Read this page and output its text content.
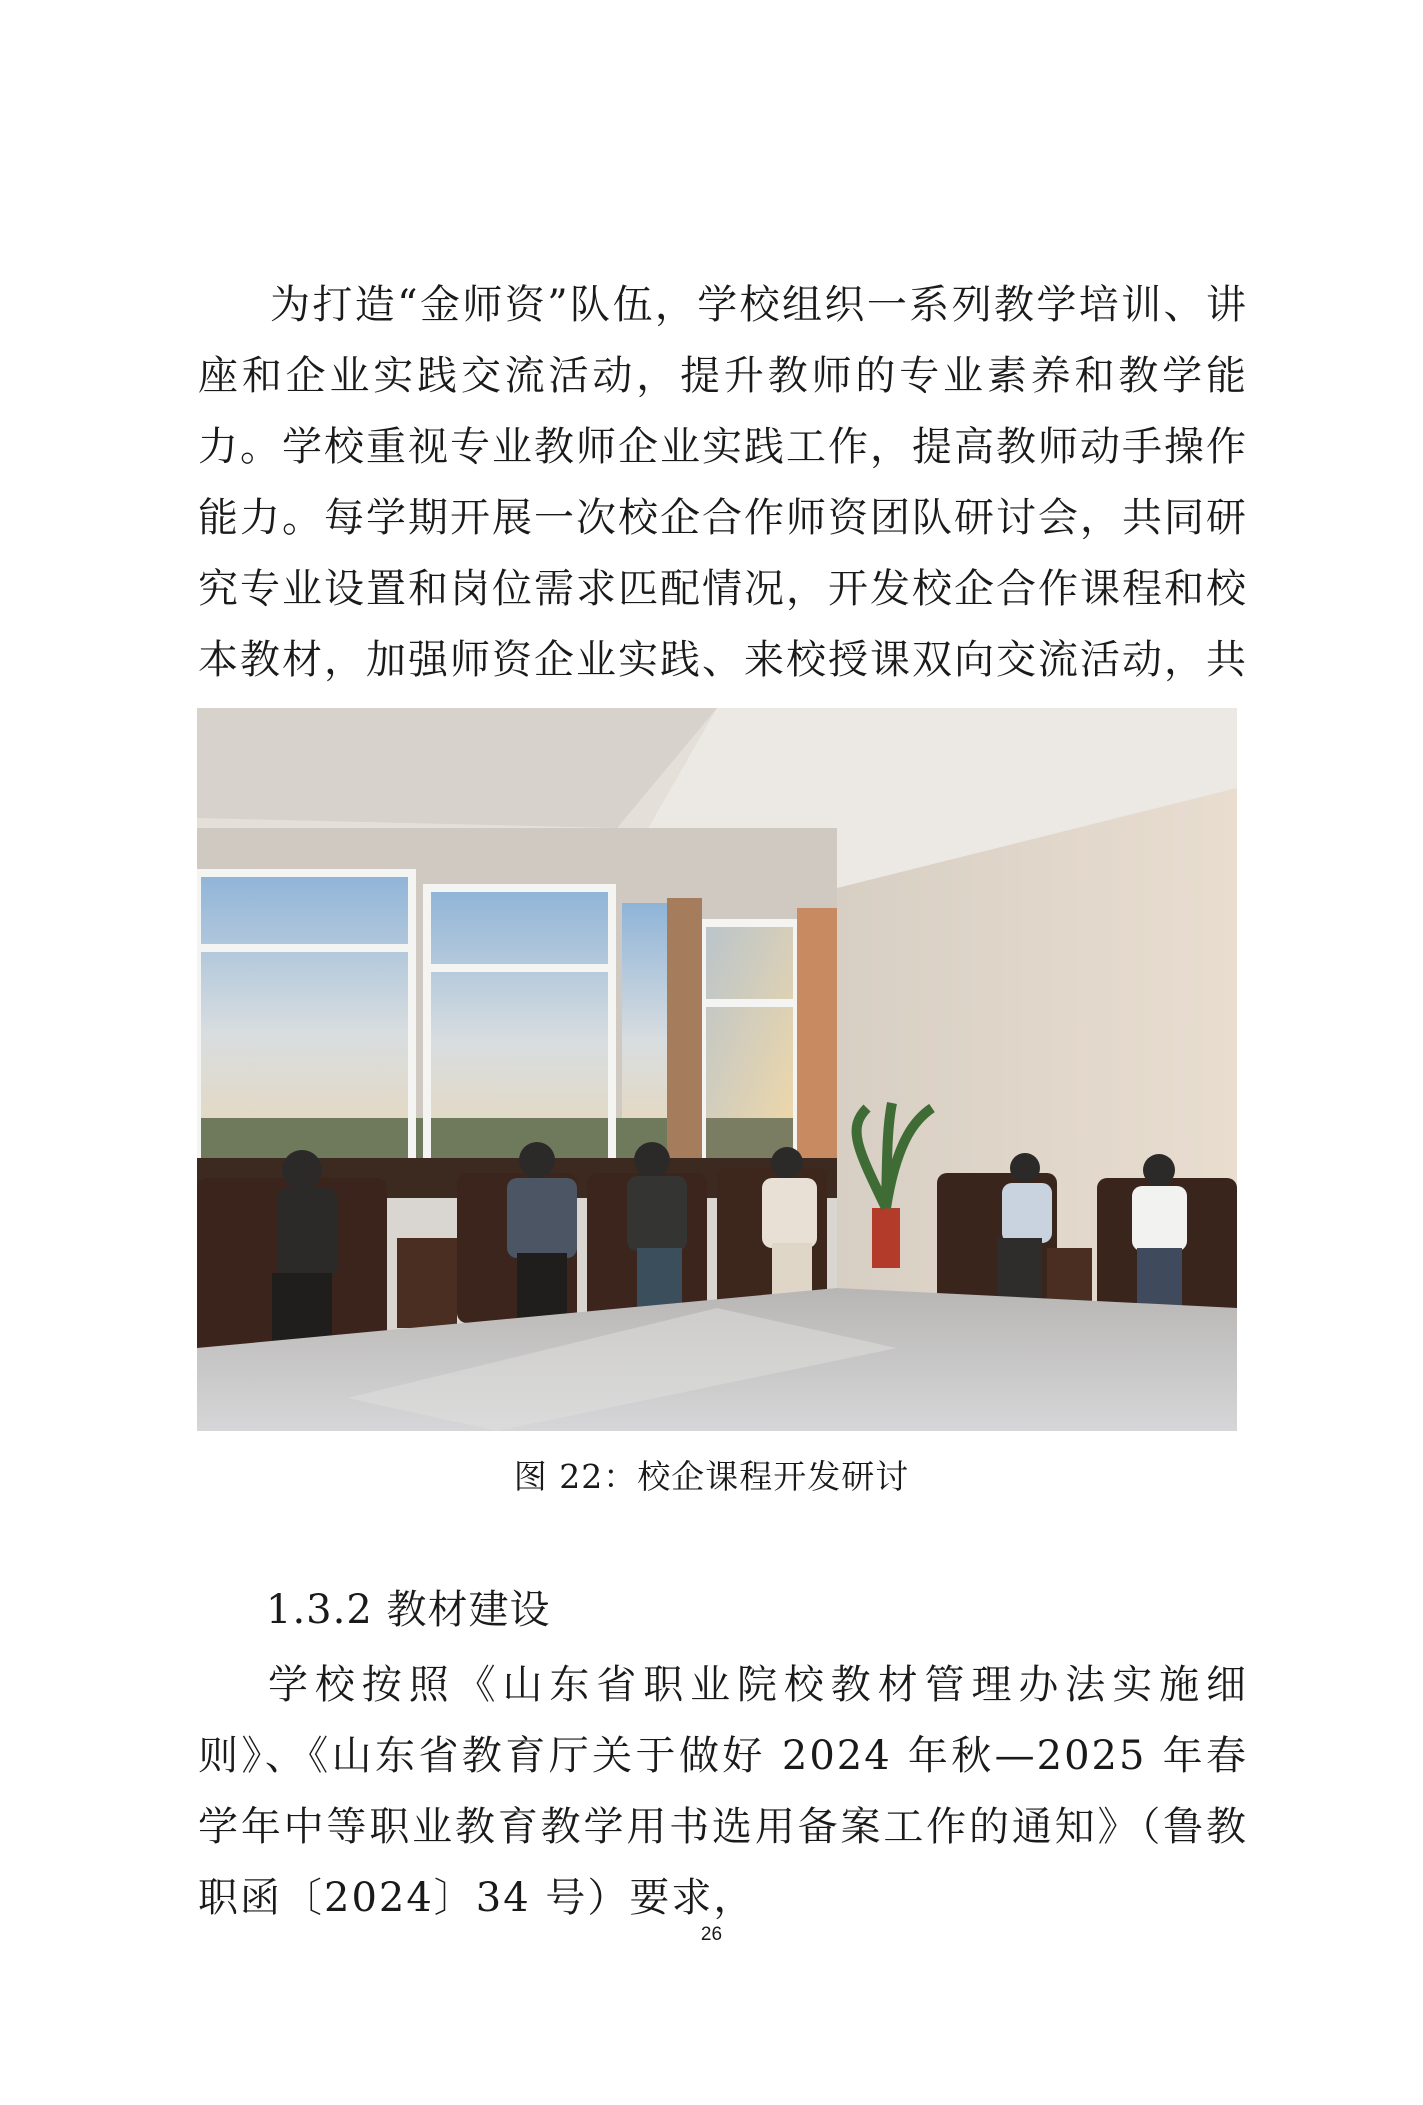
为打造“金师资”队伍，学校组织一系列教学培训、讲座和企业实践交流活动，提升教师的专业素养和教学能力。学校重视专业教师企业实践工作，提高教师动手操作能力。每学期开展一次校企合作师资团队研讨会，共同研究专业设置和岗位需求匹配情况，开发校企合作课程和校本教材，加强师资企业实践、来校授课双向交流活动，共

图 22：校企课程开发研讨
1.3.2 教材建设

学校按照《山东省职业院校教材管理办法实施细则》、《山东省教育厅关于做好 2024 年秋—2025 年春学年中等职业教育教学用书选用备案工作的通知》（鲁教职函〔2024〕34 号）要求，

26
